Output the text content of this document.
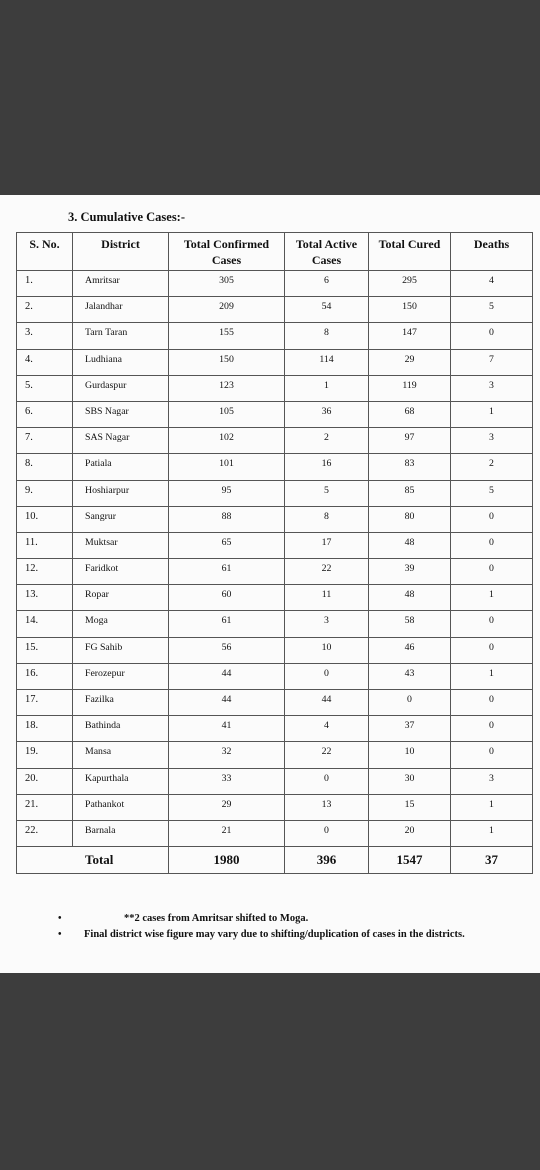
3. Cumulative Cases:-
S. No.	District	Total Confirmed Cases	Total Active Cases	Total Cured	Deaths
1.	Amritsar	305	6	295	4
2.	Jalandhar	209	54	150	5
3.	Tarn Taran	155	8	147	0
4.	Ludhiana	150	114	29	7
5.	Gurdaspur	123	1	119	3
6.	SBS Nagar	105	36	68	1
7.	SAS Nagar	102	2	97	3
8.	Patiala	101	16	83	2
9.	Hoshiarpur	95	5	85	5
10.	Sangrur	88	8	80	0
11.	Muktsar	65	17	48	0
12.	Faridkot	61	22	39	0
13.	Ropar	60	11	48	1
14.	Moga	61	3	58	0
15.	FG Sahib	56	10	46	0
16.	Ferozepur	44	0	43	1
17.	Fazilka	44	44	0	0
18.	Bathinda	41	4	37	0
19.	Mansa	32	22	10	0
20.	Kapurthala	33	0	30	3
21.	Pathankot	29	13	15	1
22.	Barnala	21	0	20	1
Total		1980	396	1547	37
•	**2 cases from Amritsar shifted to Moga.
• Final district wise figure may vary due to shifting/duplication of cases in the districts.
